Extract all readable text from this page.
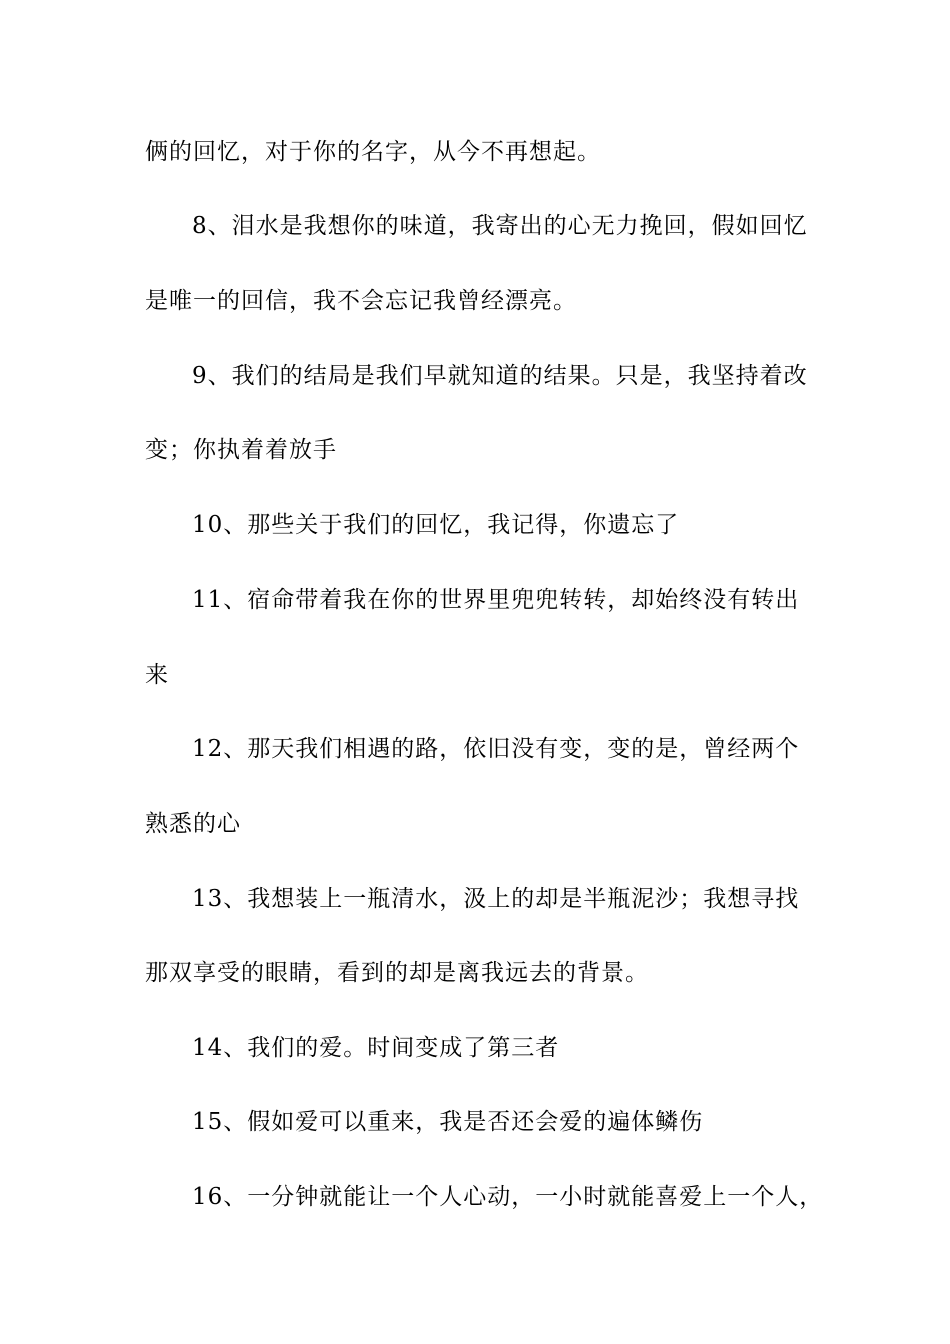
俩的回忆，对于你的名字，从今不再想起。
8、泪水是我想你的味道，我寄出的心无力挽回，假如回忆
是唯一的回信，我不会忘记我曾经漂亮。
9、我们的结局是我们早就知道的结果。只是，我坚持着改
变；你执着着放手
10、那些关于我们的回忆，我记得，你遗忘了
11、宿命带着我在你的世界里兜兜转转，却始终没有转出
来
12、那天我们相遇的路，依旧没有变，变的是，曾经两个
熟悉的心
13、我想装上一瓶清水，汲上的却是半瓶泥沙；我想寻找
那双享受的眼睛，看到的却是离我远去的背景。
14、我们的爱。时间变成了第三者
15、假如爱可以重来，我是否还会爱的遍体鳞伤
16、一分钟就能让一个人心动，一小时就能喜爱上一个人，
